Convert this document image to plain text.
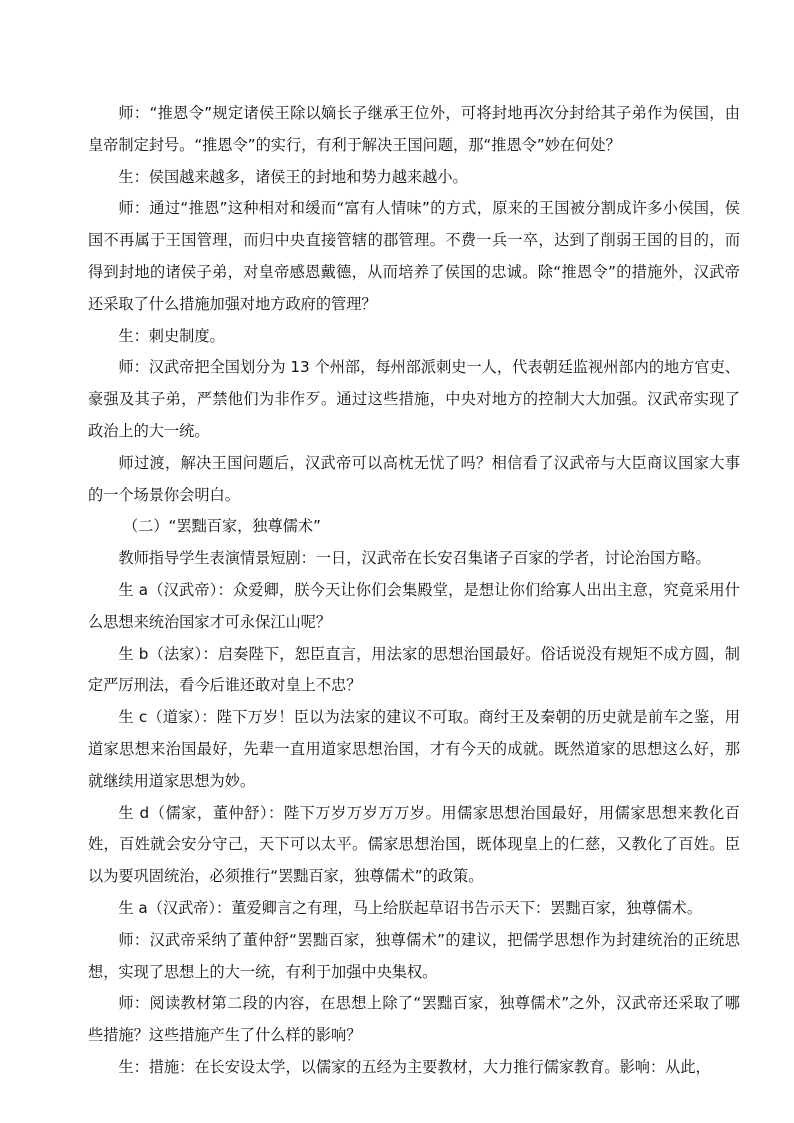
师：“推恩令”规定诸侯王除以嫡长子继承王位外，可将封地再次分封给其子弟作为侯国，由皇帝制定封号。“推恩令”的实行，有利于解决王国问题，那“推恩令”妙在何处？

生：侯国越来越多，诸侯王的封地和势力越来越小。

师：通过“推恩”这种相对和缓而“富有人情味”的方式，原来的王国被分割成许多小侯国，侯国不再属于王国管理，而归中央直接管辖的郡管理。不费一兵一卒，达到了削弱王国的目的，而得到封地的诸侯子弟，对皇帝感恩戴德，从而培养了侯国的忠诚。除“推恩令”的措施外，汉武帝还采取了什么措施加强对地方政府的管理？

生：刺史制度。

师：汉武帝把全国划分为 13 个州部，每州部派刺史一人，代表朝廷监视州部内的地方官吏、豪强及其子弟，严禁他们为非作歹。通过这些措施，中央对地方的控制大大加强。汉武帝实现了政治上的大一统。

师过渡，解决王国问题后，汉武帝可以高枕无忧了吗？相信看了汉武帝与大臣商议国家大事的一个场景你会明白。

（二）“罢黜百家，独尊儒术”

教师指导学生表演情景短剧：一日，汉武帝在长安召集诸子百家的学者，讨论治国方略。

生 a（汉武帝）：众爱卿，朕今天让你们会集殿堂，是想让你们给寡人出出主意，究竟采用什么思想来统治国家才可永保江山呢？

生 b（法家）：启奏陛下，恕臣直言，用法家的思想治国最好。俗话说没有规矩不成方圆，制定严厉刑法，看今后谁还敢对皇上不忠？

生 c（道家）：陛下万岁！臣以为法家的建议不可取。商纣王及秦朝的历史就是前车之鉴，用道家思想来治国最好，先辈一直用道家思想治国，才有今天的成就。既然道家的思想这么好，那就继续用道家思想为妙。

生 d（儒家，董仲舒）：陛下万岁万岁万万岁。用儒家思想治国最好，用儒家思想来教化百姓，百姓就会安分守己，天下可以太平。儒家思想治国，既体现皇上的仁慈，又教化了百姓。臣以为要巩固统治，必须推行“罢黜百家，独尊儒术”的政策。

生 a（汉武帝）：董爱卿言之有理，马上给朕起草诏书告示天下：罢黜百家，独尊儒术。

师：汉武帝采纳了董仲舒“罢黜百家，独尊儒术”的建议，把儒学思想作为封建统治的正统思想，实现了思想上的大一统，有利于加强中央集权。

师：阅读教材第二段的内容，在思想上除了“罢黜百家，独尊儒术”之外，汉武帝还采取了哪些措施？这些措施产生了什么样的影响？

生：措施：在长安设太学，以儒家的五经为主要教材，大力推行儒家教育。影响：从此，
